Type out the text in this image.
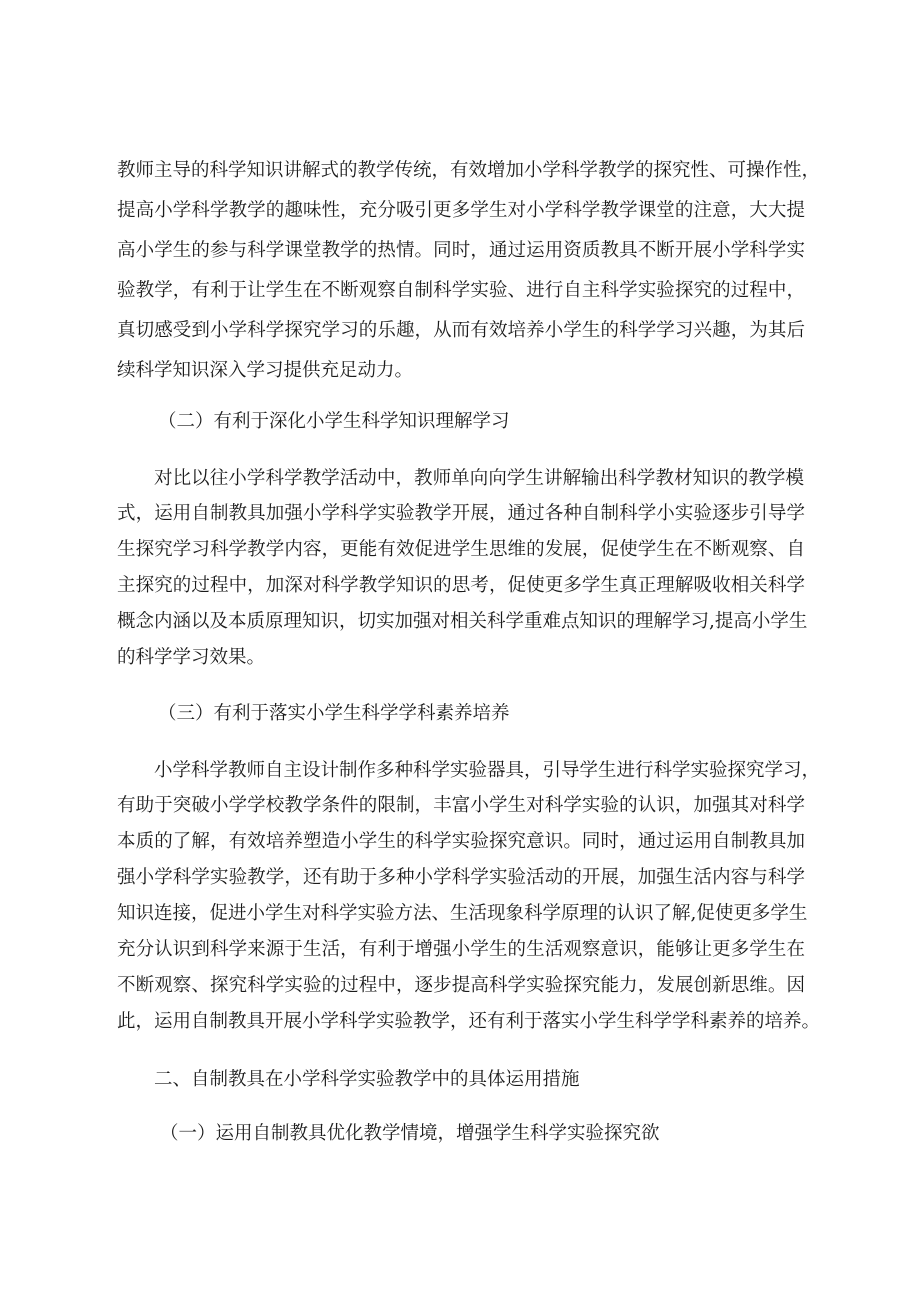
教师主导的科学知识讲解式的教学传统，有效增加小学科学教学的探究性、可操作性，
提高小学科学教学的趣味性，充分吸引更多学生对小学科学教学课堂的注意，大大提
高小学生的参与科学课堂教学的热情。同时，通过运用资质教具不断开展小学科学实
验教学，有利于让学生在不断观察自制科学实验、进行自主科学实验探究的过程中，
真切感受到小学科学探究学习的乐趣，从而有效培养小学生的科学学习兴趣，为其后
续科学知识深入学习提供充足动力。
（二）有利于深化小学生科学知识理解学习
对比以往小学科学教学活动中，教师单向向学生讲解输出科学教材知识的教学模
式，运用自制教具加强小学科学实验教学开展，通过各种自制科学小实验逐步引导学
生探究学习科学教学内容，更能有效促进学生思维的发展，促使学生在不断观察、自
主探究的过程中，加深对科学教学知识的思考，促使更多学生真正理解吸收相关科学
概念内涵以及本质原理知识，切实加强对相关科学重难点知识的理解学习,提高小学生
的科学学习效果。
（三）有利于落实小学生科学学科素养培养
小学科学教师自主设计制作多种科学实验器具，引导学生进行科学实验探究学习，
有助于突破小学学校教学条件的限制，丰富小学生对科学实验的认识，加强其对科学
本质的了解，有效培养塑造小学生的科学实验探究意识。同时，通过运用自制教具加
强小学科学实验教学，还有助于多种小学科学实验活动的开展，加强生活内容与科学
知识连接，促进小学生对科学实验方法、生活现象科学原理的认识了解,促使更多学生
充分认识到科学来源于生活，有利于增强小学生的生活观察意识，能够让更多学生在
不断观察、探究科学实验的过程中，逐步提高科学实验探究能力，发展创新思维。因
此，运用自制教具开展小学科学实验教学，还有利于落实小学生科学学科素养的培养。
二、自制教具在小学科学实验教学中的具体运用措施
（一）运用自制教具优化教学情境，增强学生科学实验探究欲
